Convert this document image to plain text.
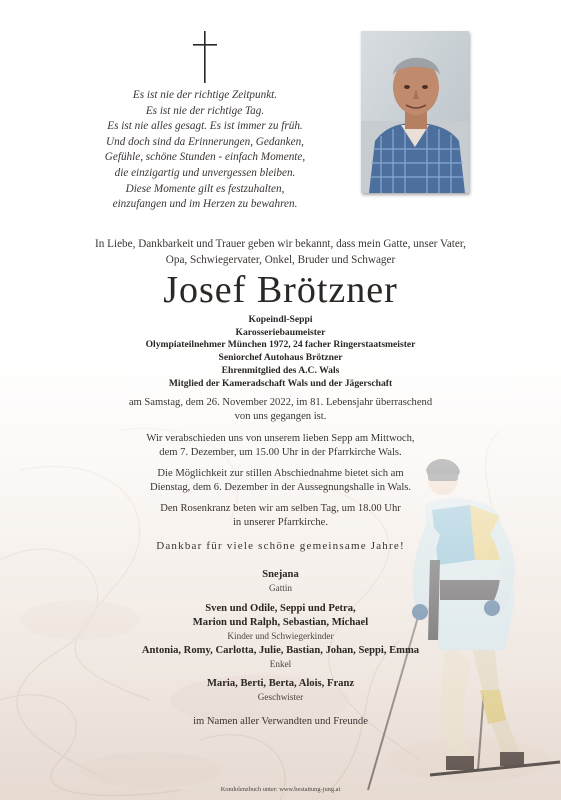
Es ist nie der richtige Zeitpunkt.
Es ist nie der richtige Tag.
Es ist nie alles gesagt. Es ist immer zu früh.
Und doch sind da Erinnerungen, Gedanken,
Gefühle, schöne Stunden - einfach Momente,
die einzigartig und unvergessen bleiben.
Diese Momente gilt es festzuhalten,
einzufangen und im Herzen zu bewahren.
In Liebe, Dankbarkeit und Trauer geben wir bekannt, dass mein Gatte, unser Vater,
Opa, Schwiegervater, Onkel, Bruder und Schwager
Josef Brötzner
Kopeindl-Seppi
Karosseriebaumeister
Olympiateilnehmer München 1972, 24 facher Ringerstaatsmeister
Seniorchef Autohaus Brötzner
Ehrenmitglied des A.C. Wals
Mitglied der Kameradschaft Wals und der Jägerschaft
am Samstag, dem 26. November 2022, im 81. Lebensjahr überraschend
von uns gegangen ist.
Wir verabschieden uns von unserem lieben Sepp am Mittwoch,
dem 7. Dezember, um 15.00 Uhr in der Pfarrkirche Wals.
Die Möglichkeit zur stillen Abschiednahme bietet sich am
Dienstag, dem 6. Dezember in der Aussegnungshalle in Wals.
Den Rosenkranz beten wir am selben Tag, um 18.00 Uhr
in unserer Pfarrkirche.
Dankbar für viele schöne gemeinsame Jahre!
Snejana
Gattin
Sven und Odile, Seppi und Petra,
Marion und Ralph, Sebastian, Michael
Kinder und Schwiegerkinder
Antonia, Romy, Carlotta, Julie, Bastian, Johan, Seppi, Emma
Enkel
Maria, Berti, Berta, Alois, Franz
Geschwister
im Namen aller Verwandten und Freunde
Kondolenzbuch unter: www.bestattung-jung.at
